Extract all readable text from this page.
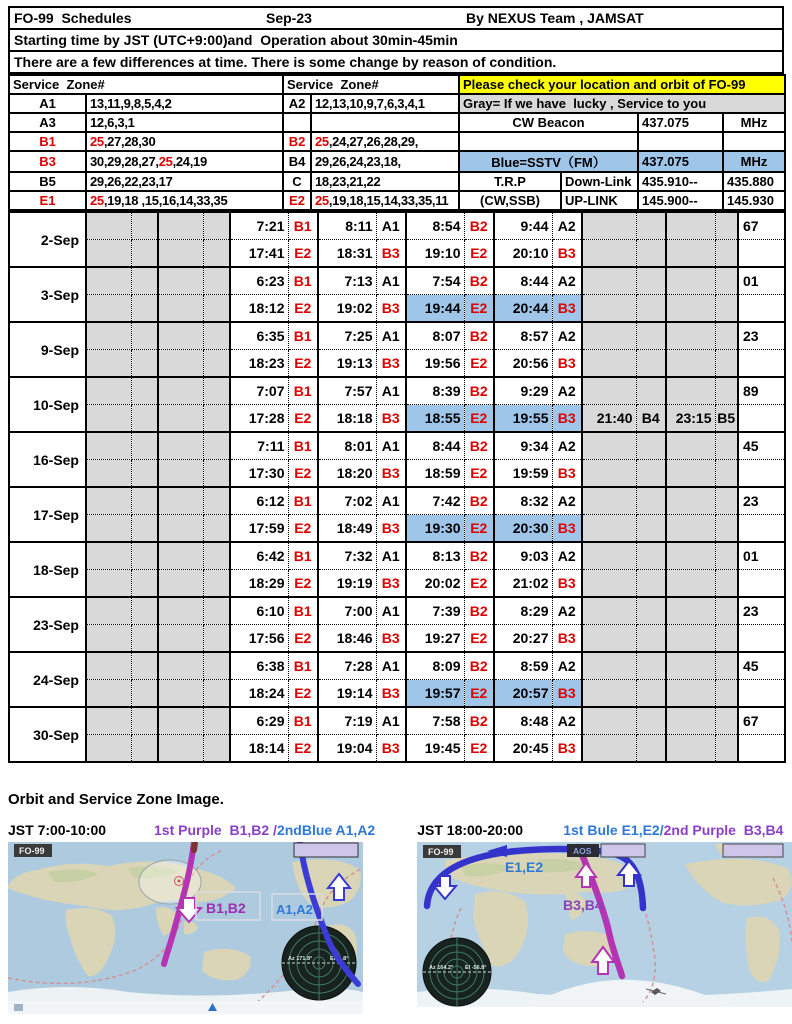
FO-99  Schedules	Sep-23	By NEXUS Team , JAMSAT
Starting time by JST (UTC+9:00)and  Operation about 30min-45min
There are a few differences at time. There is some change by reason of condition.
Service  Zone#		Service  Zone#		Please check your location and orbit of FO-99			
A1	13,11,9,8,5,4,2	A2	12,13,10,9,7,6,3,4,1	Gray= If we have  lucky , Service to you			
A3	12,6,3,1			CW Beacon		437.075	MHz
B1	25,27,28,30	B2	25,24,27,26,28,29,				
B3	30,29,28,27,25,24,19	B4	29,26,24,23,18,	Blue=SSTV（FM）		437.075	MHz
B5	29,26,22,23,17	C	18,23,21,22	T.R.P	Down-Link	435.910--	435.880
E1	25,19,18 ,15,16,14,33,35	E2	25,19,18,15,14,33,35,11	(CW,SSB)	UP-LINK	145.900--	145.930
2-Sep					7:21	B1	8:11	A1	8:54	B2	9:44	A2					67
					17:41	E2	18:31	B3	19:10	E2	20:10	B3					
3-Sep					6:23	B1	7:13	A1	7:54	B2	8:44	A2					01
					18:12	E2	19:02	B3	19:44	E2	20:44	B3					
9-Sep					6:35	B1	7:25	A1	8:07	B2	8:57	A2					23
					18:23	E2	19:13	B3	19:56	E2	20:56	B3					
10-Sep					7:07	B1	7:57	A1	8:39	B2	9:29	A2					89
					17:28	E2	18:18	B3	18:55	E2	19:55	B3	21:40	B4	23:15	B5	
16-Sep					7:11	B1	8:01	A1	8:44	B2	9:34	A2					45
					17:30	E2	18:20	B3	18:59	E2	19:59	B3					
17-Sep					6:12	B1	7:02	A1	7:42	B2	8:32	A2					23
					17:59	E2	18:49	B3	19:30	E2	20:30	B3					
18-Sep					6:42	B1	7:32	A1	8:13	B2	9:03	A2					01
					18:29	E2	19:19	B3	20:02	E2	21:02	B3					
23-Sep					6:10	B1	7:00	A1	7:39	B2	8:29	A2					23
					17:56	E2	18:46	B3	19:27	E2	20:27	B3					
24-Sep					6:38	B1	7:28	A1	8:09	B2	8:59	A2					45
					18:24	E2	19:14	B3	19:57	E2	20:57	B3					
30-Sep					6:29	B1	7:19	A1	7:58	B2	8:48	A2					67
					18:14	E2	19:04	B3	19:45	E2	20:45	B3					
Orbit and Service Zone Image.
JST 7:00-10:00	1st Purple  B1,B2 / 2ndBlue A1,A2
Az 171.8°	El -1.8°
B1,B2 A1,A2
FO-99
JST 18:00-20:00	1st Bule E1,E2/ 2nd Purple  B3,B4
Az 164.2° El -56.8°
E1,E2
B3,B4
AOS
FO-99
